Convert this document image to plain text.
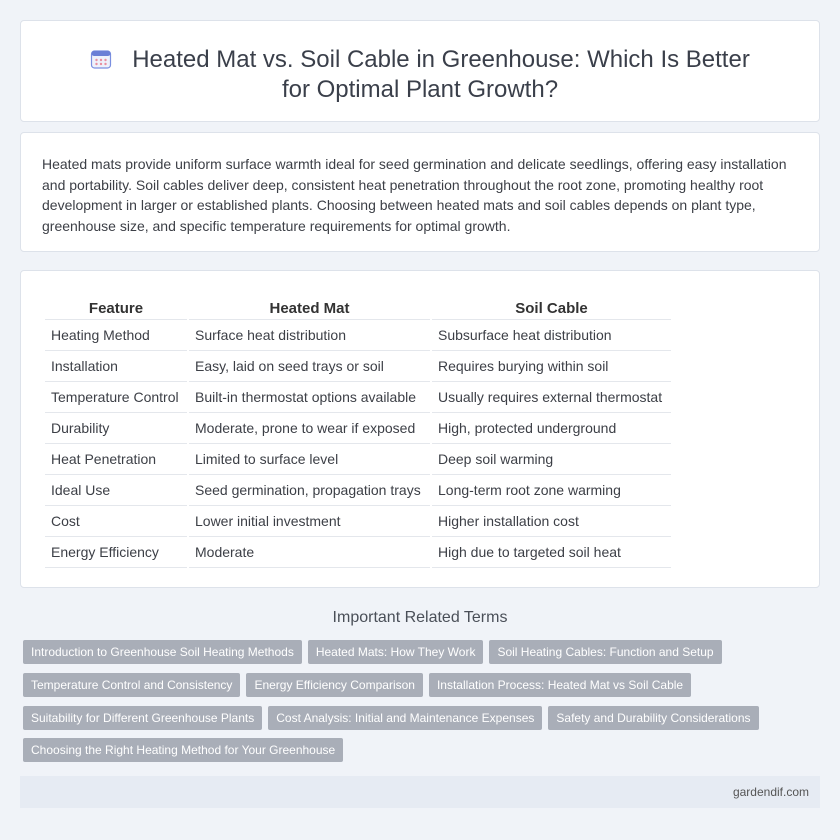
Heated Mat vs. Soil Cable in Greenhouse: Which Is Better for Optimal Plant Growth?

Heated mats provide uniform surface warmth ideal for seed germination and delicate seedlings, offering easy installation and portability. Soil cables deliver deep, consistent heat penetration throughout the root zone, promoting healthy root development in larger or established plants. Choosing between heated mats and soil cables depends on plant type, greenhouse size, and specific temperature requirements for optimal growth.

Feature	Heated Mat	Soil Cable
Heating Method	Surface heat distribution	Subsurface heat distribution
Installation	Easy, laid on seed trays or soil	Requires burying within soil
Temperature Control	Built-in thermostat options available	Usually requires external thermostat
Durability	Moderate, prone to wear if exposed	High, protected underground
Heat Penetration	Limited to surface level	Deep soil warming
Ideal Use	Seed germination, propagation trays	Long-term root zone warming
Cost	Lower initial investment	Higher installation cost
Energy Efficiency	Moderate	High due to targeted soil heat
Important Related Terms
Introduction to Greenhouse Soil Heating Methods Heated Mats: How They Work Soil Heating Cables: Function and Setup
Temperature Control and Consistency Energy Efficiency Comparison Installation Process: Heated Mat vs Soil Cable
Suitability for Different Greenhouse Plants Cost Analysis: Initial and Maintenance Expenses Safety and Durability Considerations
Choosing the Right Heating Method for Your Greenhouse
gardendif.com
